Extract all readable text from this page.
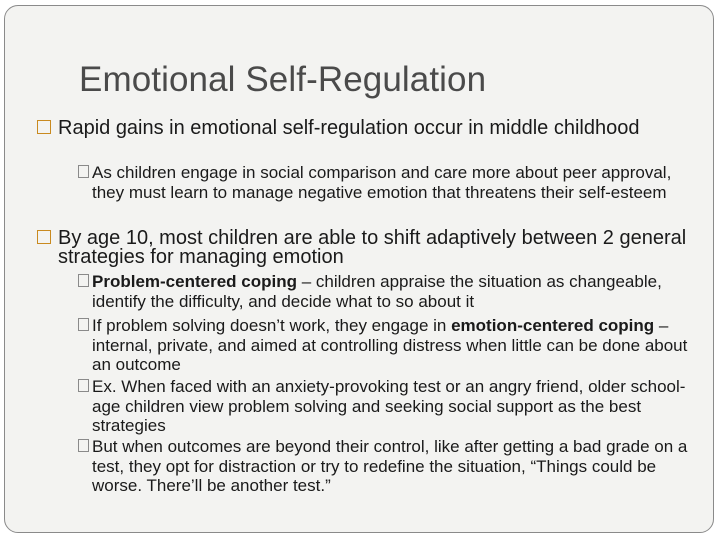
Emotional Self-Regulation
Rapid gains in emotional self-regulation occur in middle childhood
As children engage in social comparison and care more about peer approval, they must learn to manage negative emotion that threatens their self-esteem
By age 10, most children are able to shift adaptively between 2 general strategies for managing emotion
Problem-centered coping – children appraise the situation as changeable, identify the difficulty, and decide what to so about it
If problem solving doesn’t work, they engage in emotion-centered coping – internal, private, and aimed at controlling distress when little can be done about an outcome
Ex. When faced with an anxiety-provoking test or an angry friend, older school-age children view problem solving and seeking social support as the best strategies
But when outcomes are beyond their control, like after getting a bad grade on a test, they opt for distraction or try to redefine the situation, “Things could be worse. There’ll be another test.”
